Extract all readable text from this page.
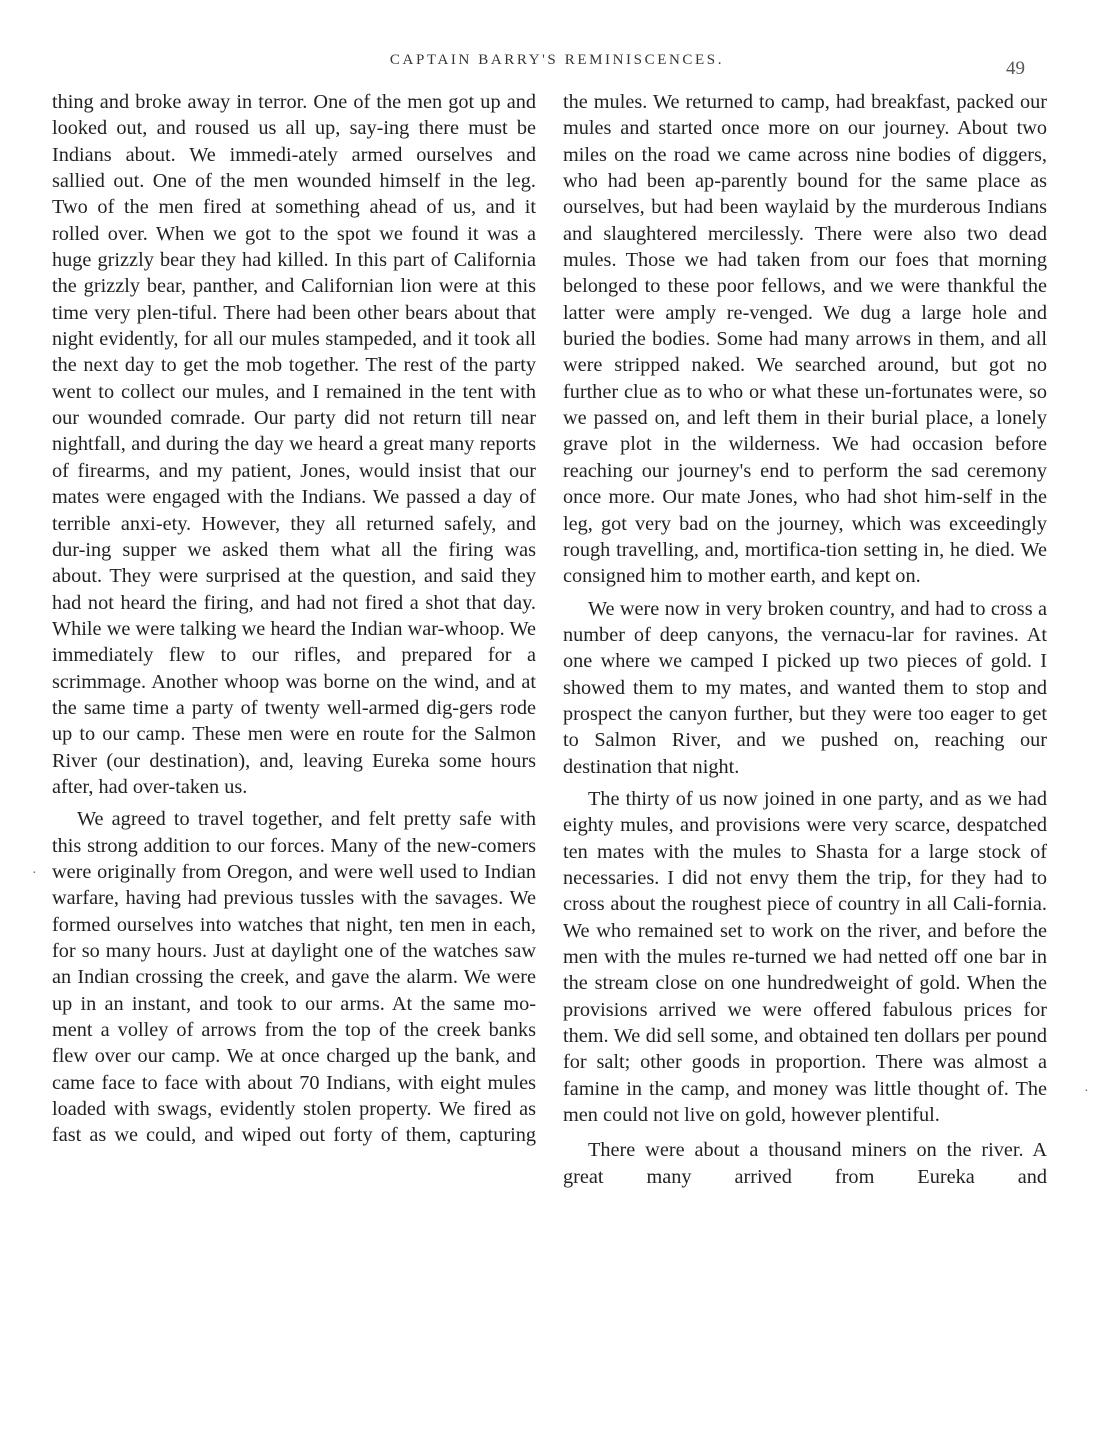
CAPTAIN BARRY'S REMINISCENCES.	49

thing and broke away in terror. One of the men got up and looked out, and roused us all up, say-ing there must be Indians about. We immedi-ately armed ourselves and sallied out. One of the men wounded himself in the leg. Two of the men fired at something ahead of us, and it rolled over. When we got to the spot we found it was a huge grizzly bear they had killed. In this part of California the grizzly bear, panther, and Californian lion were at this time very plen-tiful. There had been other bears about that night evidently, for all our mules stampeded, and it took all the next day to get the mob together. The rest of the party went to collect our mules, and I remained in the tent with our wounded comrade. Our party did not return till near nightfall, and during the day we heard a great many reports of firearms, and my patient, Jones, would insist that our mates were engaged with the Indians. We passed a day of terrible anxi-ety. However, they all returned safely, and dur-ing supper we asked them what all the firing was about. They were surprised at the question, and said they had not heard the firing, and had not fired a shot that day. While we were talking we heard the Indian war-whoop. We immediately flew to our rifles, and prepared for a scrimmage. Another whoop was borne on the wind, and at the same time a party of twenty well-armed dig-gers rode up to our camp. These men were en route for the Salmon River (our destination), and, leaving Eureka some hours after, had over-taken us.

We agreed to travel together, and felt pretty safe with this strong addition to our forces. Many of the new-comers were originally from Oregon, and were well used to Indian warfare, having had previous tussles with the savages. We formed ourselves into watches that night, ten men in each, for so many hours. Just at daylight one of the watches saw an Indian crossing the creek, and gave the alarm. We were up in an instant, and took to our arms. At the same mo-ment a volley of arrows from the top of the creek banks flew over our camp. We at once charged up the bank, and came face to face with about 70 Indians, with eight mules loaded with swags, evidently stolen property. We fired as fast as we could, and wiped out forty of them, capturing

the mules. We returned to camp, had breakfast, packed our mules and started once more on our journey. About two miles on the road we came across nine bodies of diggers, who had been ap-parently bound for the same place as ourselves, but had been waylaid by the murderous Indians and slaughtered mercilessly. There were also two dead mules. Those we had taken from our foes that morning belonged to these poor fellows, and we were thankful the latter were amply re-venged. We dug a large hole and buried the bodies. Some had many arrows in them, and all were stripped naked. We searched around, but got no further clue as to who or what these un-fortunates were, so we passed on, and left them in their burial place, a lonely grave plot in the wilderness. We had occasion before reaching our journey's end to perform the sad ceremony once more. Our mate Jones, who had shot him-self in the leg, got very bad on the journey, which was exceedingly rough travelling, and, mortifica-tion setting in, he died. We consigned him to mother earth, and kept on.

We were now in very broken country, and had to cross a number of deep canyons, the vernacu-lar for ravines. At one where we camped I picked up two pieces of gold. I showed them to my mates, and wanted them to stop and prospect the canyon further, but they were too eager to get to Salmon River, and we pushed on, reaching our destination that night.

The thirty of us now joined in one party, and as we had eighty mules, and provisions were very scarce, despatched ten mates with the mules to Shasta for a large stock of necessaries. I did not envy them the trip, for they had to cross about the roughest piece of country in all Cali-fornia. We who remained set to work on the river, and before the men with the mules re-turned we had netted off one bar in the stream close on one hundredweight of gold. When the provisions arrived we were offered fabulous prices for them. We did sell some, and obtained ten dollars per pound for salt; other goods in proportion. There was almost a famine in the camp, and money was little thought of. The men could not live on gold, however plentiful.

There were about a thousand miners on the river. A great many arrived from Eureka and

·
·
